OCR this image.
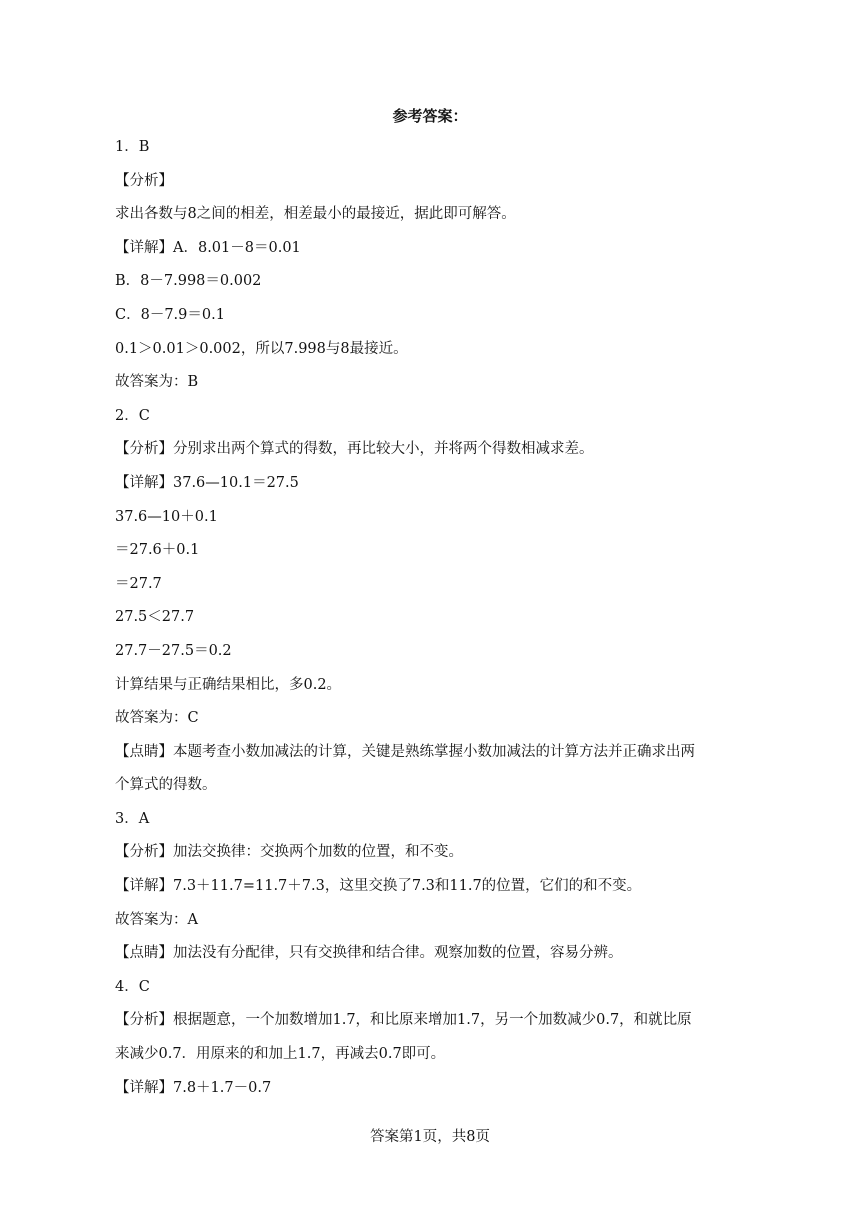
参考答案：
1．B
【分析】
求出各数与8之间的相差，相差最小的最接近，据此即可解答。
【详解】A．8.01－8＝0.01
B．8－7.998＝0.002
C．8－7.9＝0.1
0.1＞0.01＞0.002，所以7.998与8最接近。
故答案为：B
2．C
【分析】分别求出两个算式的得数，再比较大小，并将两个得数相减求差。
【详解】37.6—10.1＝27.5
37.6—10＋0.1
＝27.6＋0.1
＝27.7
27.5＜27.7
27.7－27.5＝0.2
计算结果与正确结果相比，多0.2。
故答案为：C
【点睛】本题考查小数加减法的计算，关键是熟练掌握小数加减法的计算方法并正确求出两
个算式的得数。
3．A
【分析】加法交换律：交换两个加数的位置，和不变。
【详解】7.3＋11.7=11.7＋7.3，这里交换了7.3和11.7的位置，它们的和不变。
故答案为：A
【点睛】加法没有分配律，只有交换律和结合律。观察加数的位置，容易分辨。
4．C
【分析】根据题意，一个加数增加1.7，和比原来增加1.7，另一个加数减少0.7，和就比原
来减少0.7．用原来的和加上1.7，再减去0.7即可。
【详解】7.8＋1.7－0.7
答案第1页，共8页
